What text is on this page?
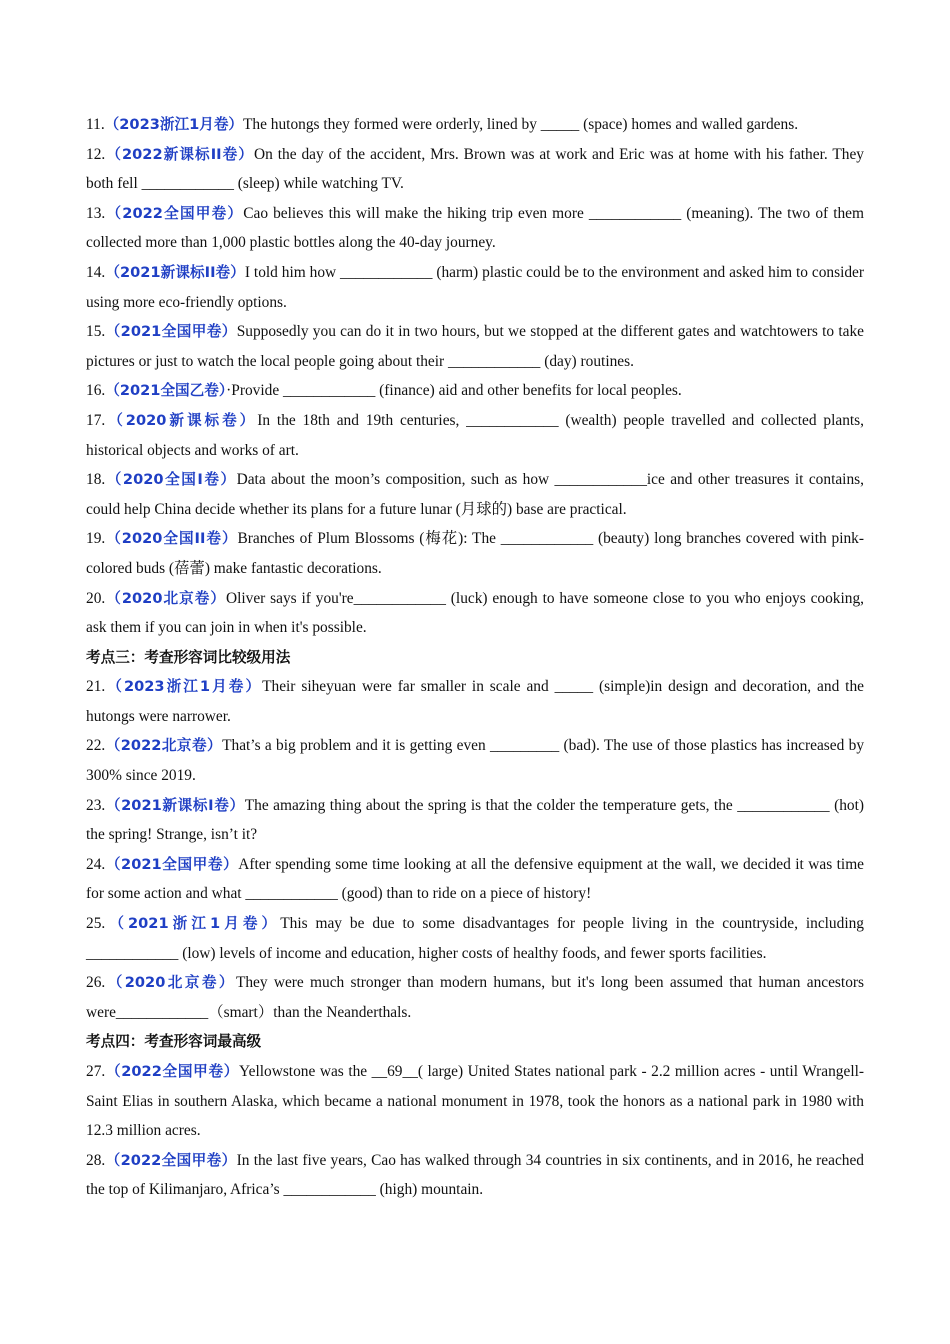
11.（2023浙江1月卷）The hutongs they formed were orderly, lined by _____ (space) homes and walled gardens.

12.（2022新课标II卷）On the day of the accident, Mrs. Brown was at work and Eric was at home with his father. They both fell ____________ (sleep) while watching TV.

13.（2022全国甲卷）Cao believes this will make the hiking trip even more ____________ (meaning). The two of them collected more than 1,000 plastic bottles along the 40-day journey.

14.（2021新课标II卷）I told him how ____________ (harm) plastic could be to the environment and asked him to consider using more eco-friendly options.

15.（2021全国甲卷）Supposedly you can do it in two hours, but we stopped at the different gates and watchtowers to take pictures or just to watch the local people going about their ____________ (day) routines.

16.（2021全国乙卷）·Provide ____________ (finance) aid and other benefits for local peoples.

17.（2020新课标卷）In the 18th and 19th centuries, ____________ (wealth) people travelled and collected plants, historical objects and works of art.

18.（2020全国I卷）Data about the moon’s composition, such as how ____________ice and other treasures it contains, could help China decide whether its plans for a future lunar (月球的) base are practical.

19.（2020全国II卷）Branches of Plum Blossoms (梅花): The ____________ (beauty) long branches covered with pink-colored buds (蓓蕾) make fantastic decorations.

20.（2020北京卷）Oliver says if you're____________ (luck) enough to have someone close to you who enjoys cooking, ask them if you can join in when it's possible.

考点三：考查形容词比较级用法

21.（2023浙江1月卷）Their siheyuan were far smaller in scale and _____ (simple)in design and decoration, and the hutongs were narrower.

22.（2022北京卷）That’s a big problem and it is getting even _________ (bad). The use of those plastics has increased by 300% since 2019.

23.（2021新课标I卷）The amazing thing about the spring is that the colder the temperature gets, the ____________ (hot) the spring! Strange, isn’t it?

24.（2021全国甲卷）After spending some time looking at all the defensive equipment at the wall, we decided it was time for some action and what ____________ (good) than to ride on a piece of history!

25.（2021浙江1月卷）This may be due to some disadvantages for people living in the countryside, including ____________ (low) levels of income and education, higher costs of healthy foods, and fewer sports facilities.

26.（2020北京卷）They were much stronger than modern humans, but it's long been assumed that human ancestors were____________（smart）than the Neanderthals.

考点四：考查形容词最高级

27.（2022全国甲卷）Yellowstone was the __69__( large) United States national park - 2.2 million acres - until Wrangell-Saint Elias in southern Alaska, which became a national monument in 1978, took the honors as a national park in 1980 with 12.3 million acres.

28.（2022全国甲卷）In the last five years, Cao has walked through 34 countries in six continents, and in 2016, he reached the top of Kilimanjaro, Africa’s ____________ (high) mountain.
